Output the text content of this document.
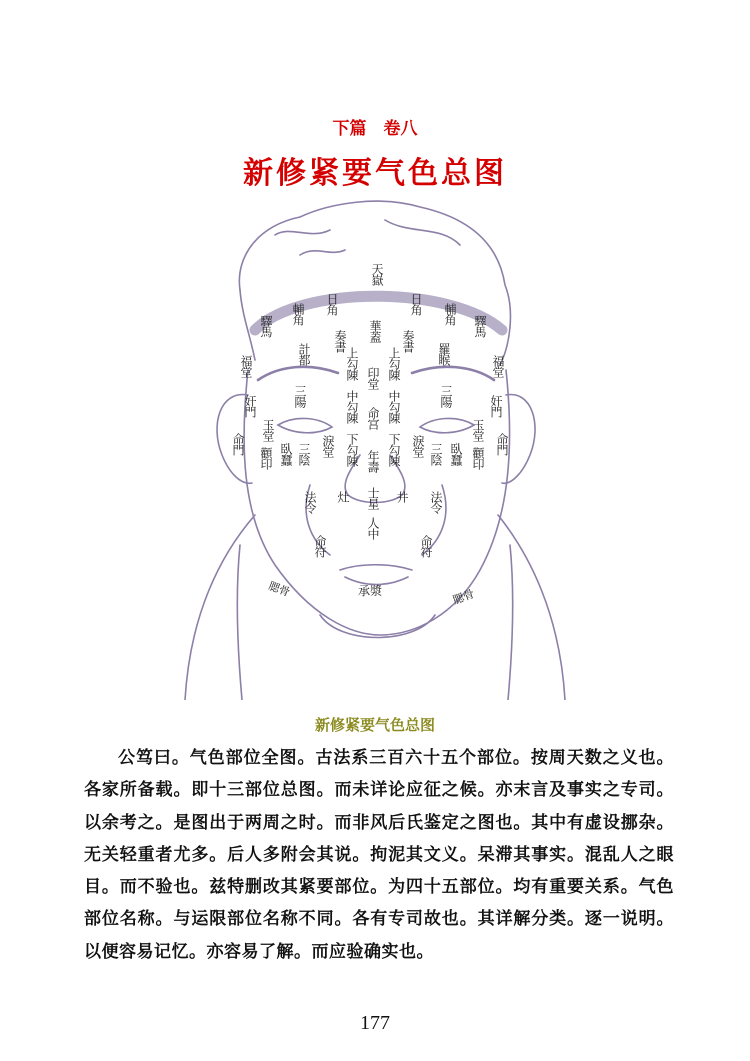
下篇　卷八
新修紧要气色总图
天嶽
日角	日角
輔角	輔角
驛馬	驛馬
華蓋
奏書	奏書
計都	羅睺
上勾陳 上勾陳
印堂
中勾陳 中勾陳
命宫
下勾陳 下勾陳
年壽
福堂	福堂
奸門	奸門
三陽	三陽
三陰	三陰
玉堂	玉堂
命門	命門
淚堂	淚堂
臥蠶	臥蠶
顴印	顴印
士星
人中
灶	井
法令	法令
命符	命符
承漿
腮骨	腮骨
新修紧要气色总图
公笃曰。气色部位全图。古法系三百六十五个部位。按周天数之义也。各家所备载。即十三部位总图。而未详论应征之候。亦末言及事实之专司。以余考之。是图出于两周之时。而非风后氏鉴定之图也。其中有虚设挪杂。无关轻重者尤多。后人多附会其说。拘泥其文义。呆滞其事实。混乱人之眼目。而不验也。兹特删改其紧要部位。为四十五部位。均有重要关系。气色部位名称。与运限部位名称不同。各有专司故也。其详解分类。逐一说明。以便容易记忆。亦容易了解。而应验确实也。
177
